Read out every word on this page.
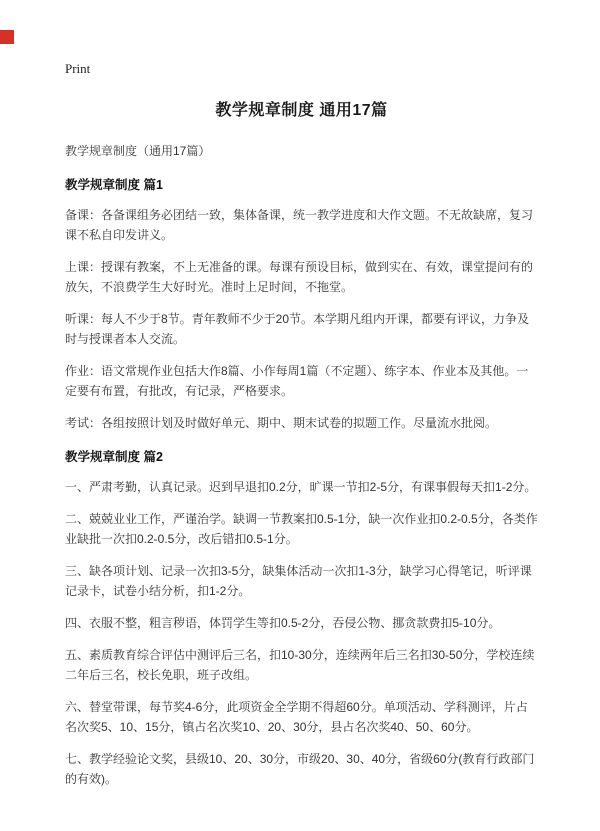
Print
教学规章制度 通用17篇
教学规章制度（通用17篇）
教学规章制度 篇1

备课：各备课组务必团结一致，集体备课，统一教学进度和大作文题。不无故缺席，复习课不私自印发讲义。

上课：授课有教案，不上无准备的课。每课有预设目标，做到实在、有效，课堂提问有的放矢，不浪费学生大好时光。准时上足时间，不拖堂。

听课：每人不少于8节。青年教师不少于20节。本学期凡组内开课，都要有评议，力争及时与授课者本人交流。

作业：语文常规作业包括大作8篇、小作每周1篇（不定题）、练字本、作业本及其他。一定要有布置，有批改，有记录，严格要求。

考试：各组按照计划及时做好单元、期中、期末试卷的拟题工作。尽量流水批阅。

教学规章制度 篇2

一、严肃考勤，认真记录。迟到早退扣0.2分，旷课一节扣2-5分，有课事假每天扣1-2分。

二、兢兢业业工作，严谨治学。缺调一节教案扣0.5-1分，缺一次作业扣0.2-0.5分，各类作业缺批一次扣0.2-0.5分，改后错扣0.5-1分。

三、缺各项计划、记录一次扣3-5分，缺集体活动一次扣1-3分，缺学习心得笔记，听评课记录卡，试卷小结分析，扣1-2分。

四、衣服不整，粗言秽语，体罚学生等扣0.5-2分，吞侵公物、挪贪款费扣5-10分。

五、素质教育综合评估中测评后三名，扣10-30分，连续两年后三名扣30-50分，学校连续二年后三名，校长免职，班子改组。

六、替堂带课，每节奖4-6分，此项资金全学期不得超60分。单项活动、学科测评，片占名次奖5、10、15分，镇占名次奖10、20、30分，县占名次奖40、50、60分。

七、教学经验论文奖，县级10、20、30分，市级20、30、40分，省级60分(教育行政部门的有效)。
